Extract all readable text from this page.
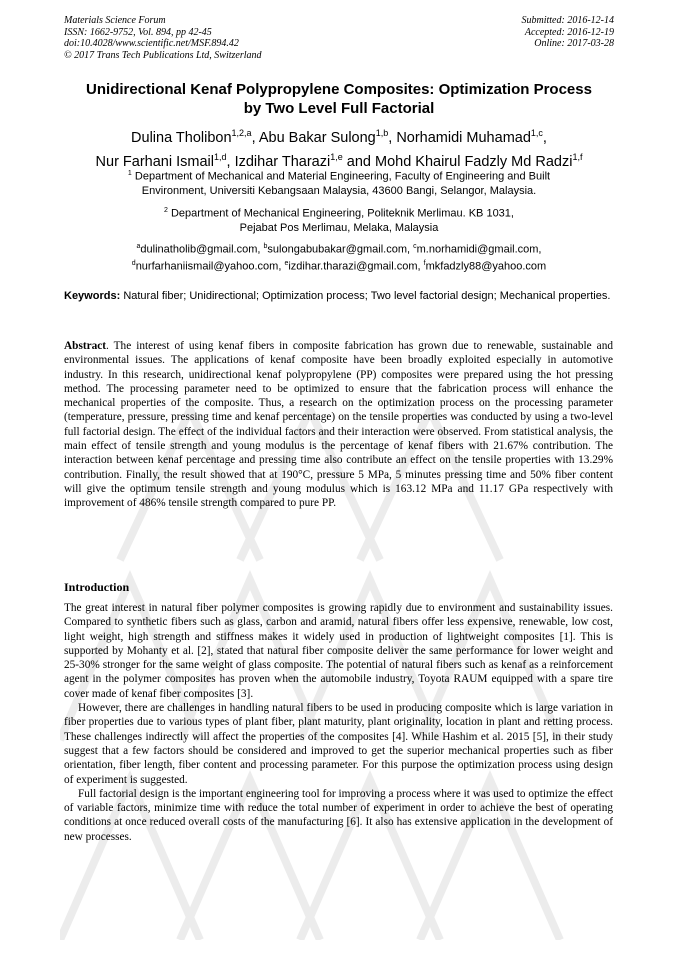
Materials Science Forum
ISSN: 1662-9752, Vol. 894, pp 42-45
doi:10.4028/www.scientific.net/MSF.894.42
© 2017 Trans Tech Publications Ltd, Switzerland
Submitted: 2016-12-14
Accepted: 2016-12-19
Online: 2017-03-28
Unidirectional Kenaf Polypropylene Composites: Optimization Process
by Two Level Full Factorial
Dulina Tholibon$^{1,2,a}$, Abu Bakar Sulong$^{1,b}$, Norhamidi Muhamad$^{1,c}$,
Nur Farhani Ismail$^{1,d}$, Izdihar Tharazi$^{1,e}$ and Mohd Khairul Fadzly Md Radzi$^{1,f}$
$^1$ Department of Mechanical and Material Engineering, Faculty of Engineering and Built
Environment, Universiti Kebangsaan Malaysia, 43600 Bangi, Selangor, Malaysia.
$^2$ Department of Mechanical Engineering, Politeknik Merlimau. KB 1031,
Pejabat Pos Merlimau, Melaka, Malaysia
$^a$dulinatholib@gmail.com, $^b$sulongabubakar@gmail.com, $^c$m.norhamidi@gmail.com,
$^d$nurfarhaniismail@yahoo.com, $^e$izdihar.tharazi@gmail.com, $^f$mkfadzly88@yahoo.com
Keywords: Natural fiber; Unidirectional; Optimization process; Two level factorial design; Mechanical properties.
Abstract. The interest of using kenaf fibers in composite fabrication has grown due to renewable, sustainable and environmental issues. The applications of kenaf composite have been broadly exploited especially in automotive industry. In this research, unidirectional kenaf polypropylene (PP) composites were prepared using the hot pressing method. The processing parameter need to be optimized to ensure that the fabrication process will enhance the mechanical properties of the composite. Thus, a research on the optimization process on the processing parameter (temperature, pressure, pressing time and kenaf percentage) on the tensile properties was conducted by using a two-level full factorial design. The effect of the individual factors and their interaction were observed. From statistical analysis, the main effect of tensile strength and young modulus is the percentage of kenaf fibers with 21.67% contribution. The interaction between kenaf percentage and pressing time also contribute an effect on the tensile properties with 13.29% contribution. Finally, the result showed that at 190°C, pressure 5 MPa, 5 minutes pressing time and 50% fiber content will give the optimum tensile strength and young modulus which is 163.12 MPa and 11.17 GPa respectively with improvement of 486% tensile strength compared to pure PP.
Introduction

The great interest in natural fiber polymer composites is growing rapidly due to environment and sustainability issues. Compared to synthetic fibers such as glass, carbon and aramid, natural fibers offer less expensive, renewable, low cost, light weight, high strength and stiffness makes it widely used in production of lightweight composites [1]. This is supported by Mohanty et al. [2], stated that natural fiber composite deliver the same performance for lower weight and 25-30% stronger for the same weight of glass composite. The potential of natural fibers such as kenaf as a reinforcement agent in the polymer composites has proven when the automobile industry, Toyota RAUM equipped with a spare tire cover made of kenaf fiber composites [3].

However, there are challenges in handling natural fibers to be used in producing composite which is large variation in fiber properties due to various types of plant fiber, plant maturity, plant originality, location in plant and retting process. These challenges indirectly will affect the properties of the composites [4]. While Hashim et al. 2015 [5], in their study suggest that a few factors should be considered and improved to get the superior mechanical properties such as fiber orientation, fiber length, fiber content and processing parameter. For this purpose the optimization process using design of experiment is suggested.

Full factorial design is the important engineering tool for improving a process where it was used to optimize the effect of variable factors, minimize time with reduce the total number of experiment in order to achieve the best of operating conditions at once reduced overall costs of the manufacturing [6]. It also has extensive application in the development of new processes.
